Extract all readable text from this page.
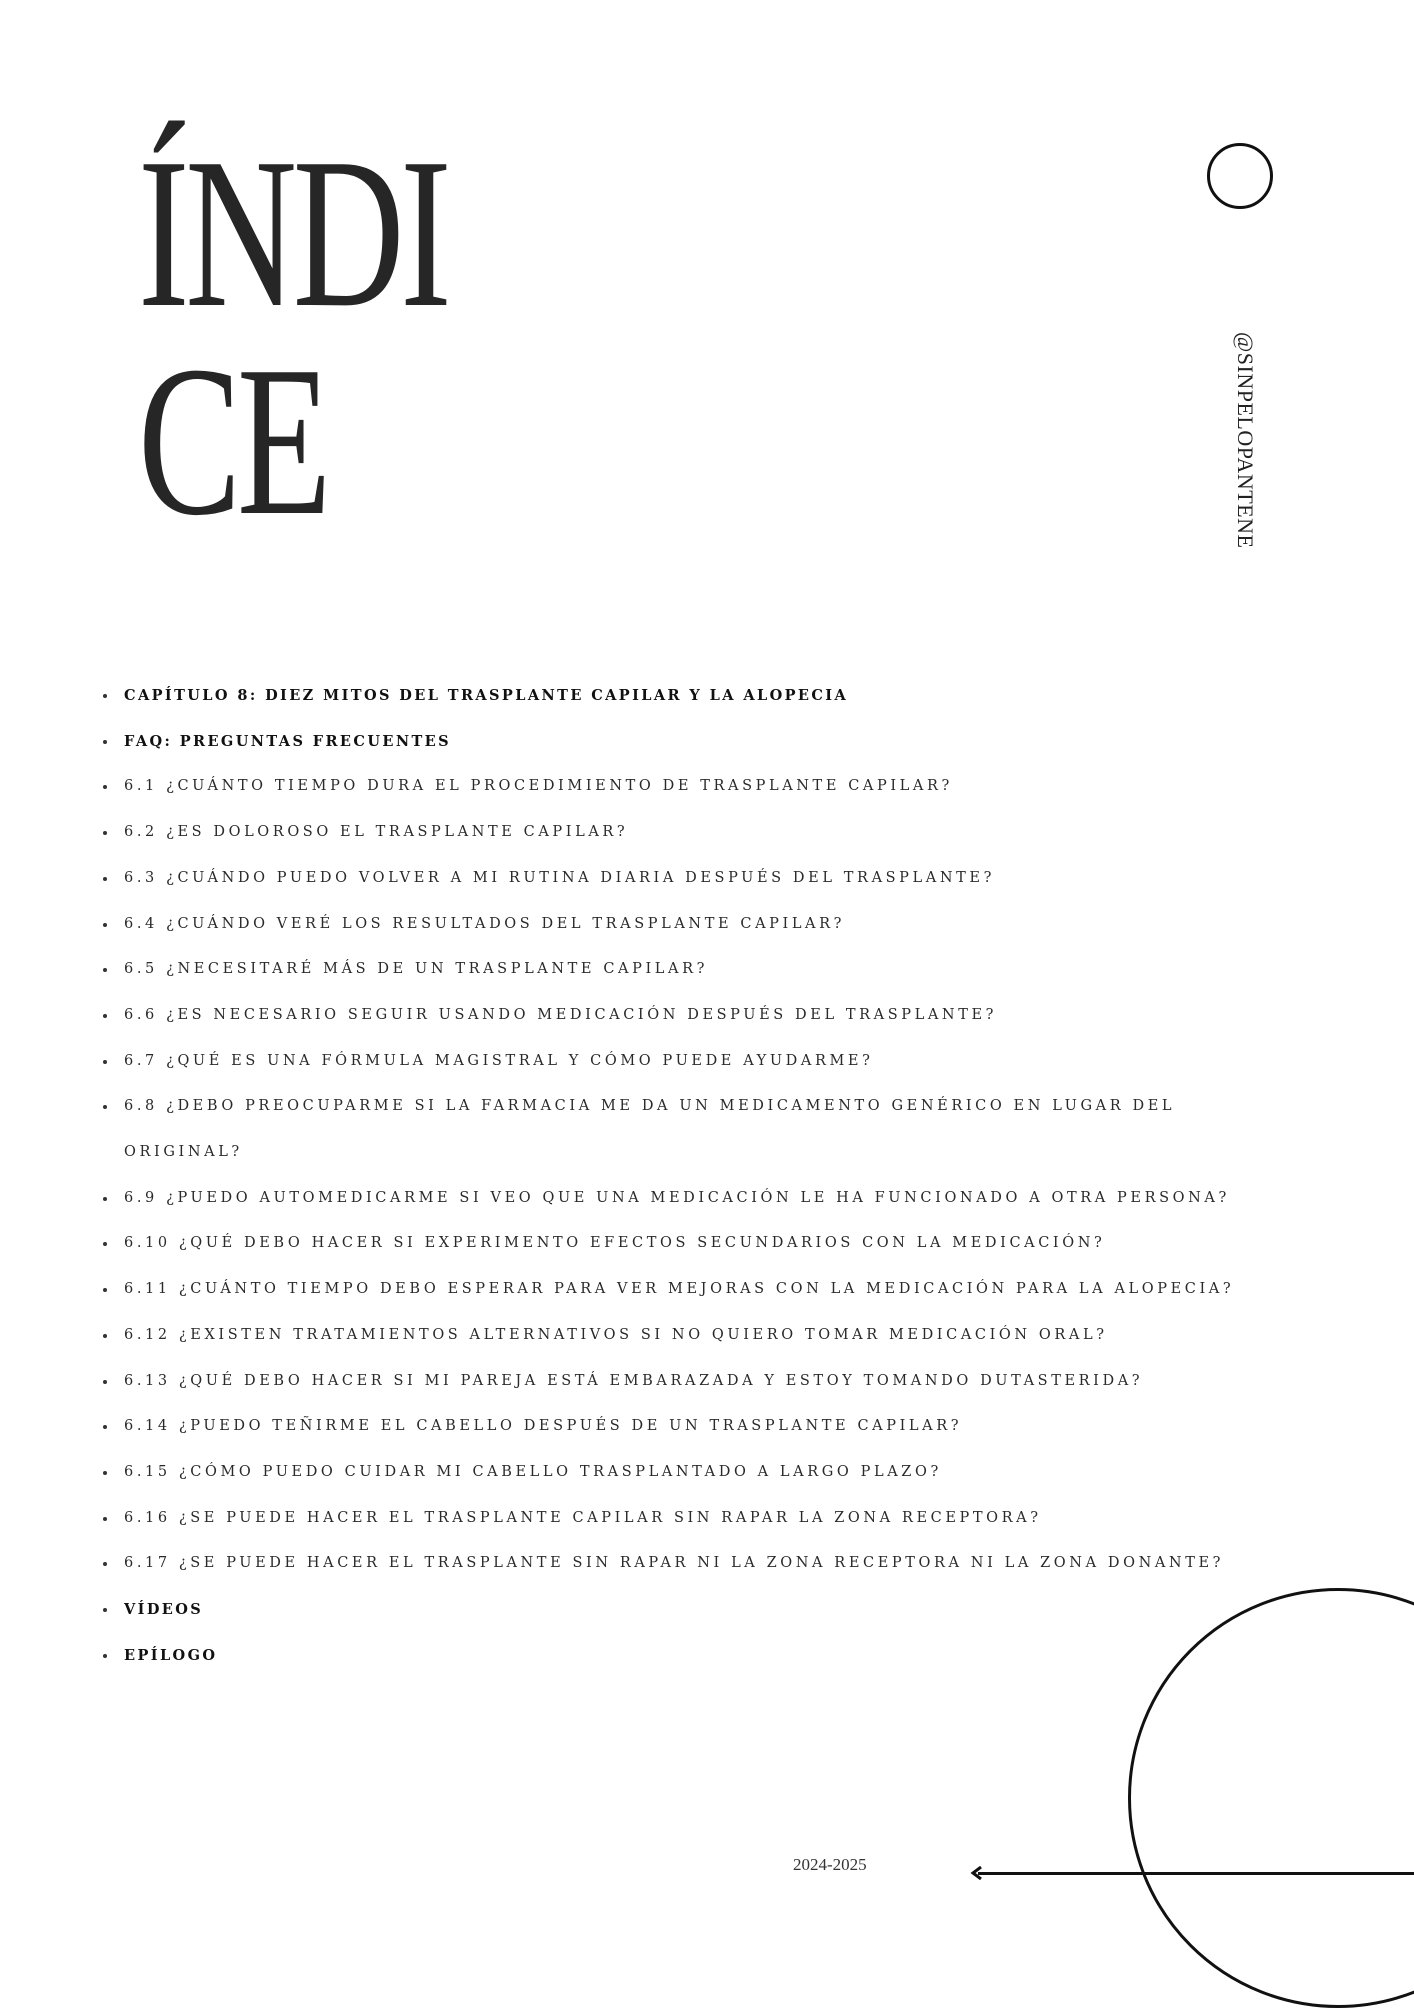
ÍNDI
CE	@SINPELOPANTENE
CAPÍTULO 8: DIEZ MITOS DEL TRASPLANTE CAPILAR Y LA ALOPECIA
FAQ: PREGUNTAS FRECUENTES
6.1 ¿CUÁNTO TIEMPO DURA EL PROCEDIMIENTO DE TRASPLANTE CAPILAR?
6.2 ¿ES DOLOROSO EL TRASPLANTE CAPILAR?
6.3 ¿CUÁNDO PUEDO VOLVER A MI RUTINA DIARIA DESPUÉS DEL TRASPLANTE?
6.4 ¿CUÁNDO VERÉ LOS RESULTADOS DEL TRASPLANTE CAPILAR?
6.5 ¿NECESITARÉ MÁS DE UN TRASPLANTE CAPILAR?
6.6 ¿ES NECESARIO SEGUIR USANDO MEDICACIÓN DESPUÉS DEL TRASPLANTE?
6.7 ¿QUÉ ES UNA FÓRMULA MAGISTRAL Y CÓMO PUEDE AYUDARME?
6.8 ¿DEBO PREOCUPARME SI LA FARMACIA ME DA UN MEDICAMENTO GENÉRICO EN LUGAR DEL ORIGINAL?
6.9 ¿PUEDO AUTOMEDICARME SI VEO QUE UNA MEDICACIÓN LE HA FUNCIONADO A OTRA PERSONA?
6.10 ¿QUÉ DEBO HACER SI EXPERIMENTO EFECTOS SECUNDARIOS CON LA MEDICACIÓN?
6.11 ¿CUÁNTO TIEMPO DEBO ESPERAR PARA VER MEJORAS CON LA MEDICACIÓN PARA LA ALOPECIA?
6.12 ¿EXISTEN TRATAMIENTOS ALTERNATIVOS SI NO QUIERO TOMAR MEDICACIÓN ORAL?
6.13 ¿QUÉ DEBO HACER SI MI PAREJA ESTÁ EMBARAZADA Y ESTOY TOMANDO DUTASTERIDA?
6.14 ¿PUEDO TEÑIRME EL CABELLO DESPUÉS DE UN TRASPLANTE CAPILAR?
6.15 ¿CÓMO PUEDO CUIDAR MI CABELLO TRASPLANTADO A LARGO PLAZO?
6.16 ¿SE PUEDE HACER EL TRASPLANTE CAPILAR SIN RAPAR LA ZONA RECEPTORA?
6.17 ¿SE PUEDE HACER EL TRASPLANTE SIN RAPAR NI LA ZONA RECEPTORA NI LA ZONA DONANTE?
VÍDEOS
EPÍLOGO
2024-2025
